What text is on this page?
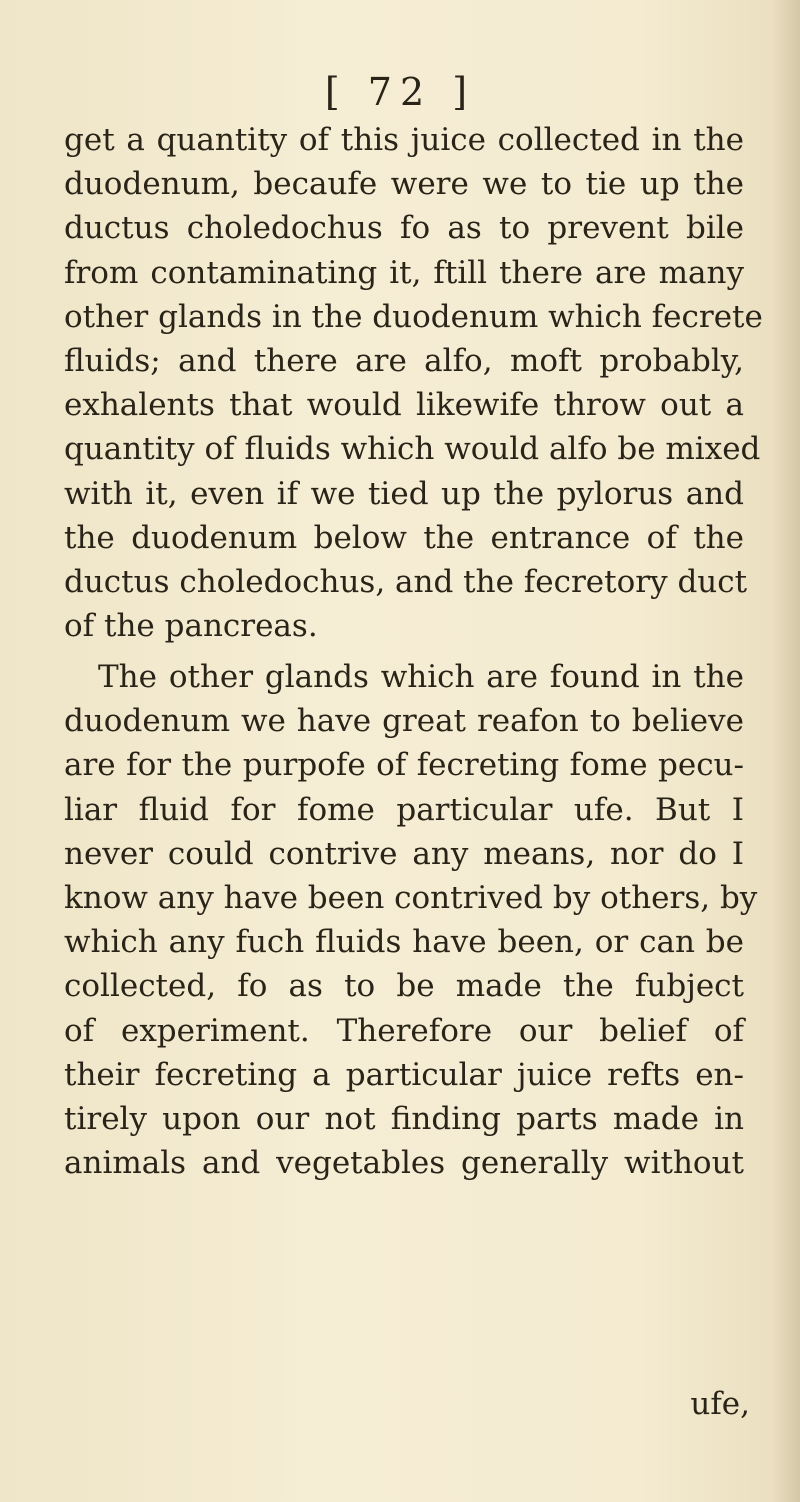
[ 72 ]
get a quantity of this juice collected in the
duodenum, becaufe were we to tie up the
ductus choledochus fo as to prevent bile
from contaminating it, ftill there are many
other glands in the duodenum which fecrete
fluids; and there are alfo, moft probably,
exhalents that would likewife throw out a
quantity of fluids which would alfo be mixed
with it, even if we tied up the pylorus and
the duodenum below the entrance of the
ductus choledochus, and the fecretory duct
of the pancreas.
The other glands which are found in the
duodenum we have great reafon to believe
are for the purpofe of fecreting fome pecu-
liar fluid for fome particular ufe. But I
never could contrive any means, nor do I
know any have been contrived by others, by
which any fuch fluids have been, or can be
collected, fo as to be made the fubject
of experiment. Therefore our belief of
their fecreting a particular juice refts en-
tirely upon our not finding parts made in
animals and vegetables generally without
ufe,
